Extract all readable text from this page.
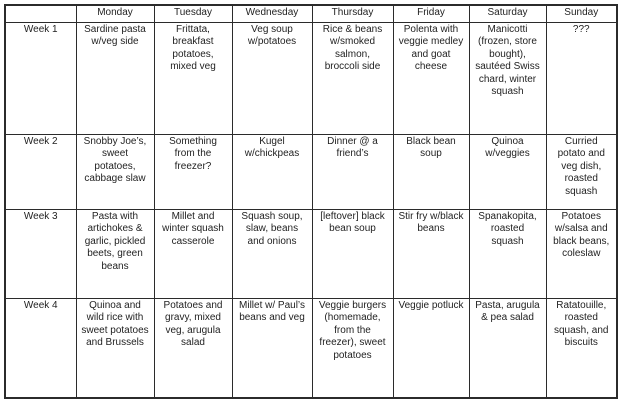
	Monday	Tuesday	Wednesday	Thursday	Friday	Saturday	Sunday
Week 1	Sardine pasta w/veg side	Frittata, breakfast potatoes, mixed veg	Veg soup w/potatoes	Rice & beans w/smoked salmon, broccoli side	Polenta with veggie medley and goat cheese	Manicotti (frozen, store bought), sautéed Swiss chard, winter squash	???
Week 2	Snobby Joe’s, sweet potatoes, cabbage slaw	Something from the freezer?	Kugel w/chickpeas	Dinner @ a friend’s	Black bean soup	Quinoa w/veggies	Curried potato and veg dish, roasted squash
Week 3	Pasta with artichokes & garlic, pickled beets, green beans	Millet and winter squash casserole	Squash soup, slaw, beans and onions	[leftover] black bean soup	Stir fry w/black beans	Spanakopita, roasted squash	Potatoes w/salsa and black beans, coleslaw
Week 4	Quinoa and wild rice with sweet potatoes and Brussels	Potatoes and gravy, mixed veg, arugula salad	Millet w/ Paul’s beans and veg	Veggie burgers (homemade, from the freezer), sweet potatoes	Veggie potluck	Pasta, arugula & pea salad	Ratatouille, roasted squash, and biscuits
